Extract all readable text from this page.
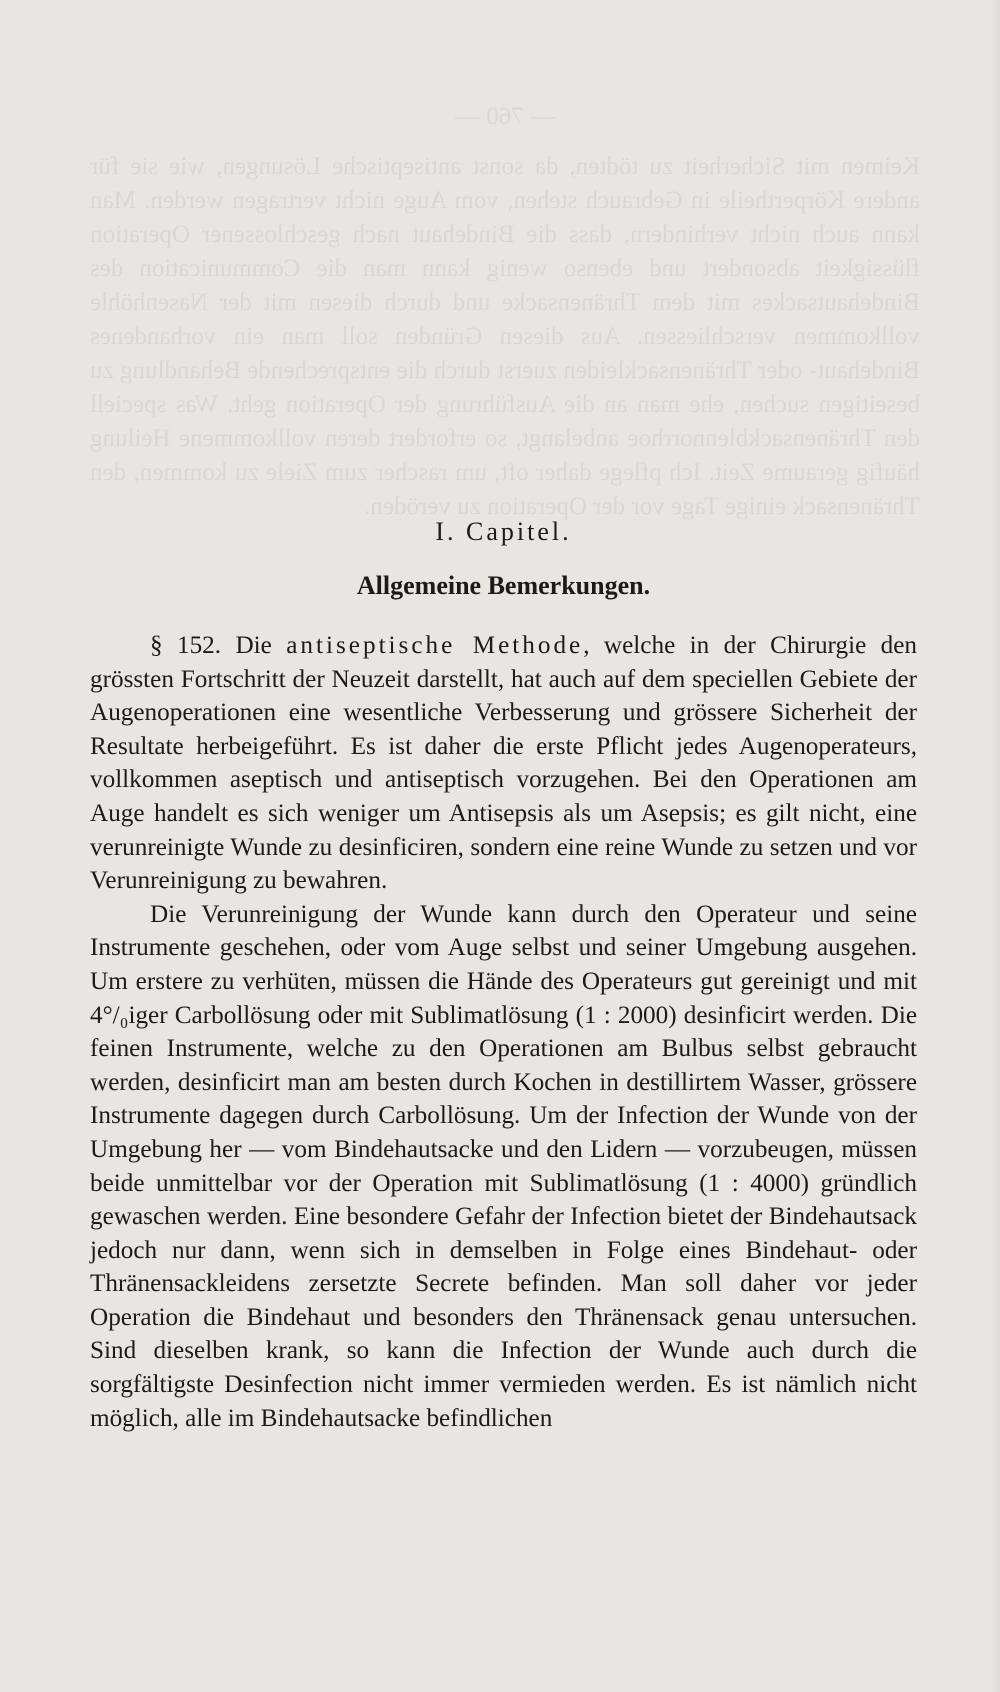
— 760 —
Keimen mit Sicherheit zu tödten, da sonst antiseptische Lösungen, wie sie für andere Körpertheile in Gebrauch stehen, vom Auge nicht vertragen werden. Man kann auch nicht verhindern, dass die Bindehaut nach geschlossener Operation flüssigkeit absondert und ebenso wenig kann man die Communication des Bindehautsackes mit dem Thränensacke und durch diesen mit der Nasenhöhle vollkommen verschliessen. Aus diesen Gründen soll man ein vorhandenes Bindehaut- oder Thränensackleiden zuerst durch die entsprechende Behandlung zu beseitigen suchen, ehe man an die Ausführung der Operation geht. Was speciell den Thränensackblennorrhoe anbelangt, so erfordert deren vollkommene Heilung häufig geraume Zeit. Ich pflege daher oft, um rascher zum Ziele zu kommen, den Thränensack einige Tage vor der Operation zu veröden.
I. Capitel.
Allgemeine Bemerkungen.

§ 152. Die antiseptische Methode, welche in der Chirurgie den grössten Fortschritt der Neuzeit darstellt, hat auch auf dem speciellen Gebiete der Augenoperationen eine wesentliche Verbesserung und grössere Sicherheit der Resultate herbeigeführt. Es ist daher die erste Pflicht jedes Augenoperateurs, vollkommen aseptisch und antiseptisch vorzugehen. Bei den Operationen am Auge handelt es sich weniger um Antisepsis als um Asepsis; es gilt nicht, eine verunreinigte Wunde zu desinficiren, sondern eine reine Wunde zu setzen und vor Verunreinigung zu bewahren.

Die Verunreinigung der Wunde kann durch den Operateur und seine Instrumente geschehen, oder vom Auge selbst und seiner Umgebung ausgehen. Um erstere zu verhüten, müssen die Hände des Operateurs gut gereinigt und mit 4°/₀iger Carbollösung oder mit Sublimatlösung (1 : 2000) desinficirt werden. Die feinen Instrumente, welche zu den Operationen am Bulbus selbst gebraucht werden, desinficirt man am besten durch Kochen in destillirtem Wasser, grössere Instrumente dagegen durch Carbollösung. Um der Infection der Wunde von der Umgebung her — vom Bindehautsacke und den Lidern — vorzubeugen, müssen beide unmittelbar vor der Operation mit Sublimatlösung (1 : 4000) gründlich gewaschen werden. Eine besondere Gefahr der Infection bietet der Bindehautsack jedoch nur dann, wenn sich in demselben in Folge eines Bindehaut- oder Thränensackleidens zersetzte Secrete befinden. Man soll daher vor jeder Operation die Bindehaut und besonders den Thränensack genau untersuchen. Sind dieselben krank, so kann die Infection der Wunde auch durch die sorgfältigste Desinfection nicht immer vermieden werden. Es ist nämlich nicht möglich, alle im Bindehautsacke befindlichen
